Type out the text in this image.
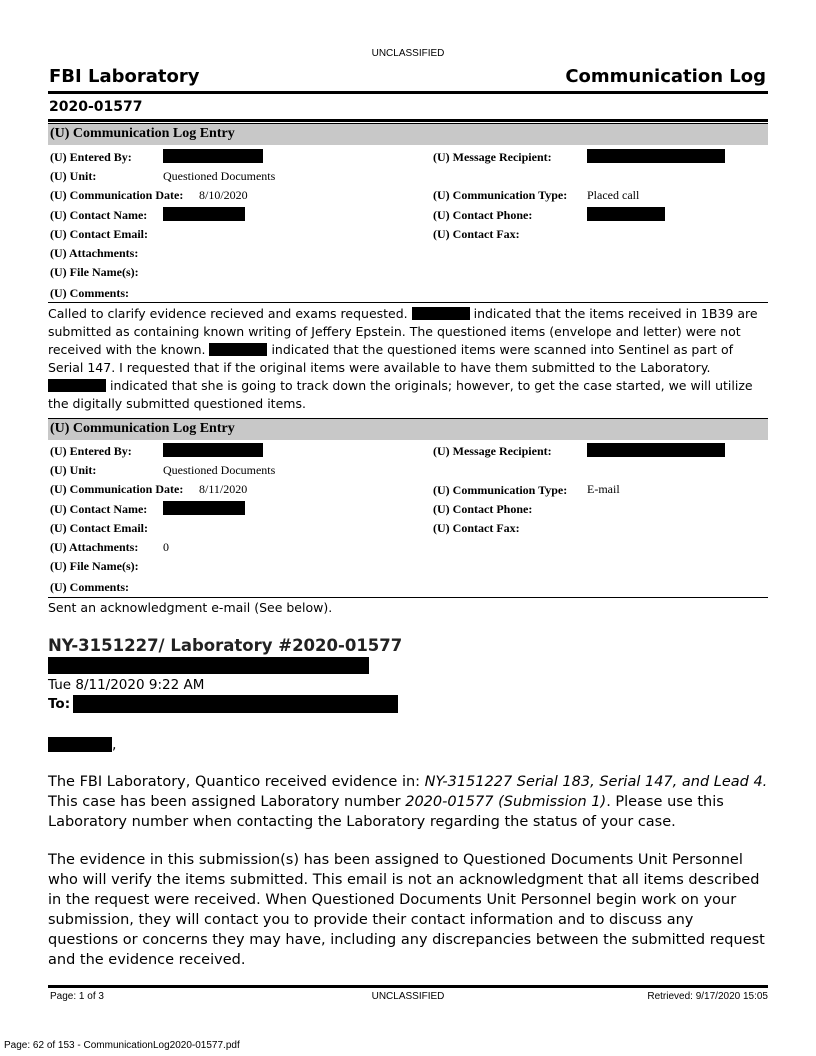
UNCLASSIFIED
FBI Laboratory	Communication Log
2020-01577
(U) Communication Log Entry
(U) Entered By:	(U) Message Recipient:
(U) Unit:	Questioned Documents
(U) Communication Date: 8/10/2020	(U) Communication Type: Placed call
(U) Contact Name:	(U) Contact Phone:
(U) Contact Email:	(U) Contact Fax:
(U) Attachments:
(U) File Name(s):
(U) Comments:
Called to clarify evidence recieved and exams requested.	indicated that the items received in 1B39 are submitted as containing known writing of Jeffery Epstein. The questioned items (envelope and letter) were not received with the known.	indicated that the questioned items were scanned into Sentinel as part of Serial 147. I requested that if the original items were available to have them submitted to the Laboratory.  indicated that she is going to track down the originals; however, to get the case started, we will utilize the digitally submitted questioned items.
(U) Communication Log Entry
(U) Entered By:	(U) Message Recipient:
(U) Unit:	Questioned Documents
(U) Communication Date: 8/11/2020	(U) Communication Type: E-mail
(U) Contact Name:	(U) Contact Phone:
(U) Contact Email:	(U) Contact Fax:
(U) Attachments: 0
(U) File Name(s):
(U) Comments:
Sent an acknowledgment e-mail (See below).
NY-3151227/ Laboratory #2020-01577
Tue 8/11/2020 9:22 AM
To:
,
The FBI Laboratory, Quantico received evidence in: NY-3151227 Serial 183, Serial 147, and Lead 4. This case has been assigned Laboratory number 2020-01577 (Submission 1). Please use this Laboratory number when contacting the Laboratory regarding the status of your case.
The evidence in this submission(s) has been assigned to Questioned Documents Unit Personnel who will verify the items submitted. This email is not an acknowledgment that all items described in the request were received. When Questioned Documents Unit Personnel begin work on your submission, they will contact you to provide their contact information and to discuss any questions or concerns they may have, including any discrepancies between the submitted request and the evidence received.
Page: 1 of 3	UNCLASSIFIED	Retrieved: 9/17/2020 15:05
Page: 62 of 153 - CommunicationLog2020-01577.pdf
